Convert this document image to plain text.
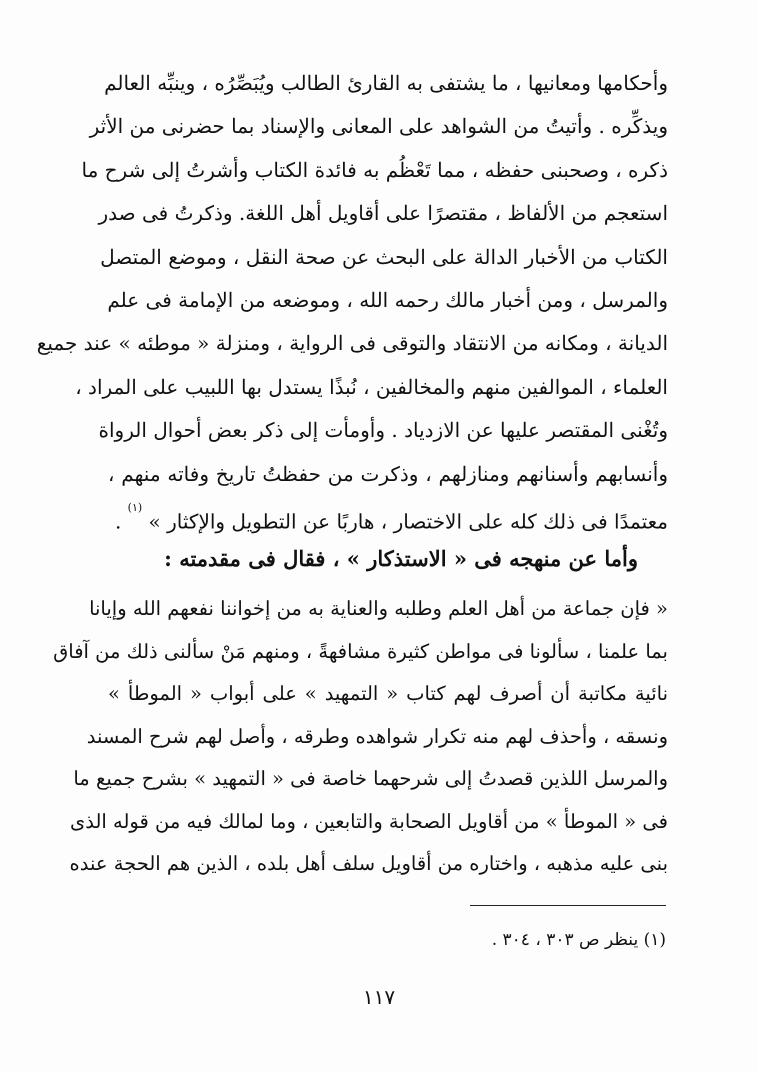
وأحكامها ومعانيها ، ما يشتفى به القارئ الطالب ويُبَصِّرُه ، وينبِّه العالم
ويذكِّره . وأتيتُ من الشواهد على المعانى والإسناد بما حضرنى من الأثر
ذكره ، وصحبنى حفظه ، مما تَعْظُم به فائدة الكتاب وأشرتُ إلى شرح ما
استعجم من الألفاظ ، مقتصرًا على أقاويل أهل اللغة. وذكرتُ فى صدر
الكتاب من الأخبار الدالة على البحث عن صحة النقل ، وموضع المتصل
والمرسل ، ومن أخبار مالك رحمه الله ، وموضعه من الإمامة فى علم
الديانة ، ومكانه من الانتقاد والتوقى فى الرواية ، ومنزلة « موطئه » عند جميع
العلماء ، الموالفين منهم والمخالفين ، نُبذًا يستدل بها اللبيب على المراد ،
وتُغْنى المقتصر عليها عن الازدياد . وأومأت إلى ذكر بعض أحوال الرواة
وأنسابهم وأسنانهم ومنازلهم ، وذكرت من حفظتُ تاريخ وفاته منهم ،
معتمدًا فى ذلك كله على الاختصار ، هاربًا عن التطويل والإكثار » $^{(١)}$ .
وأما عن منهجه فى « الاستذكار » ، فقال فى مقدمته :
« فإن جماعة من أهل العلم وطلبه والعناية به من إخواننا نفعهم الله وإيانا
بما علمنا ، سألونا فى مواطن كثيرة مشافهةً ، ومنهم مَنْ سألنى ذلك من آفاق
نائية مكاتبة أن أصرف لهم كتاب « التمهيد » على أبواب « الموطأ »
ونسقه ، وأحذف لهم منه تكرار شواهده وطرقه ، وأصل لهم شرح المسند
والمرسل اللذين قصدتُ إلى شرحهما خاصة فى « التمهيد » بشرح جميع ما
فى « الموطأ » من أقاويل الصحابة والتابعين ، وما لمالك فيه من قوله الذى
بنى عليه مذهبه ، واختاره من أقاويل سلف أهل بلده ، الذين هم الحجة عنده
(١) ينظر ص ٣٠٣ ، ٣٠٤ .
١١٧
